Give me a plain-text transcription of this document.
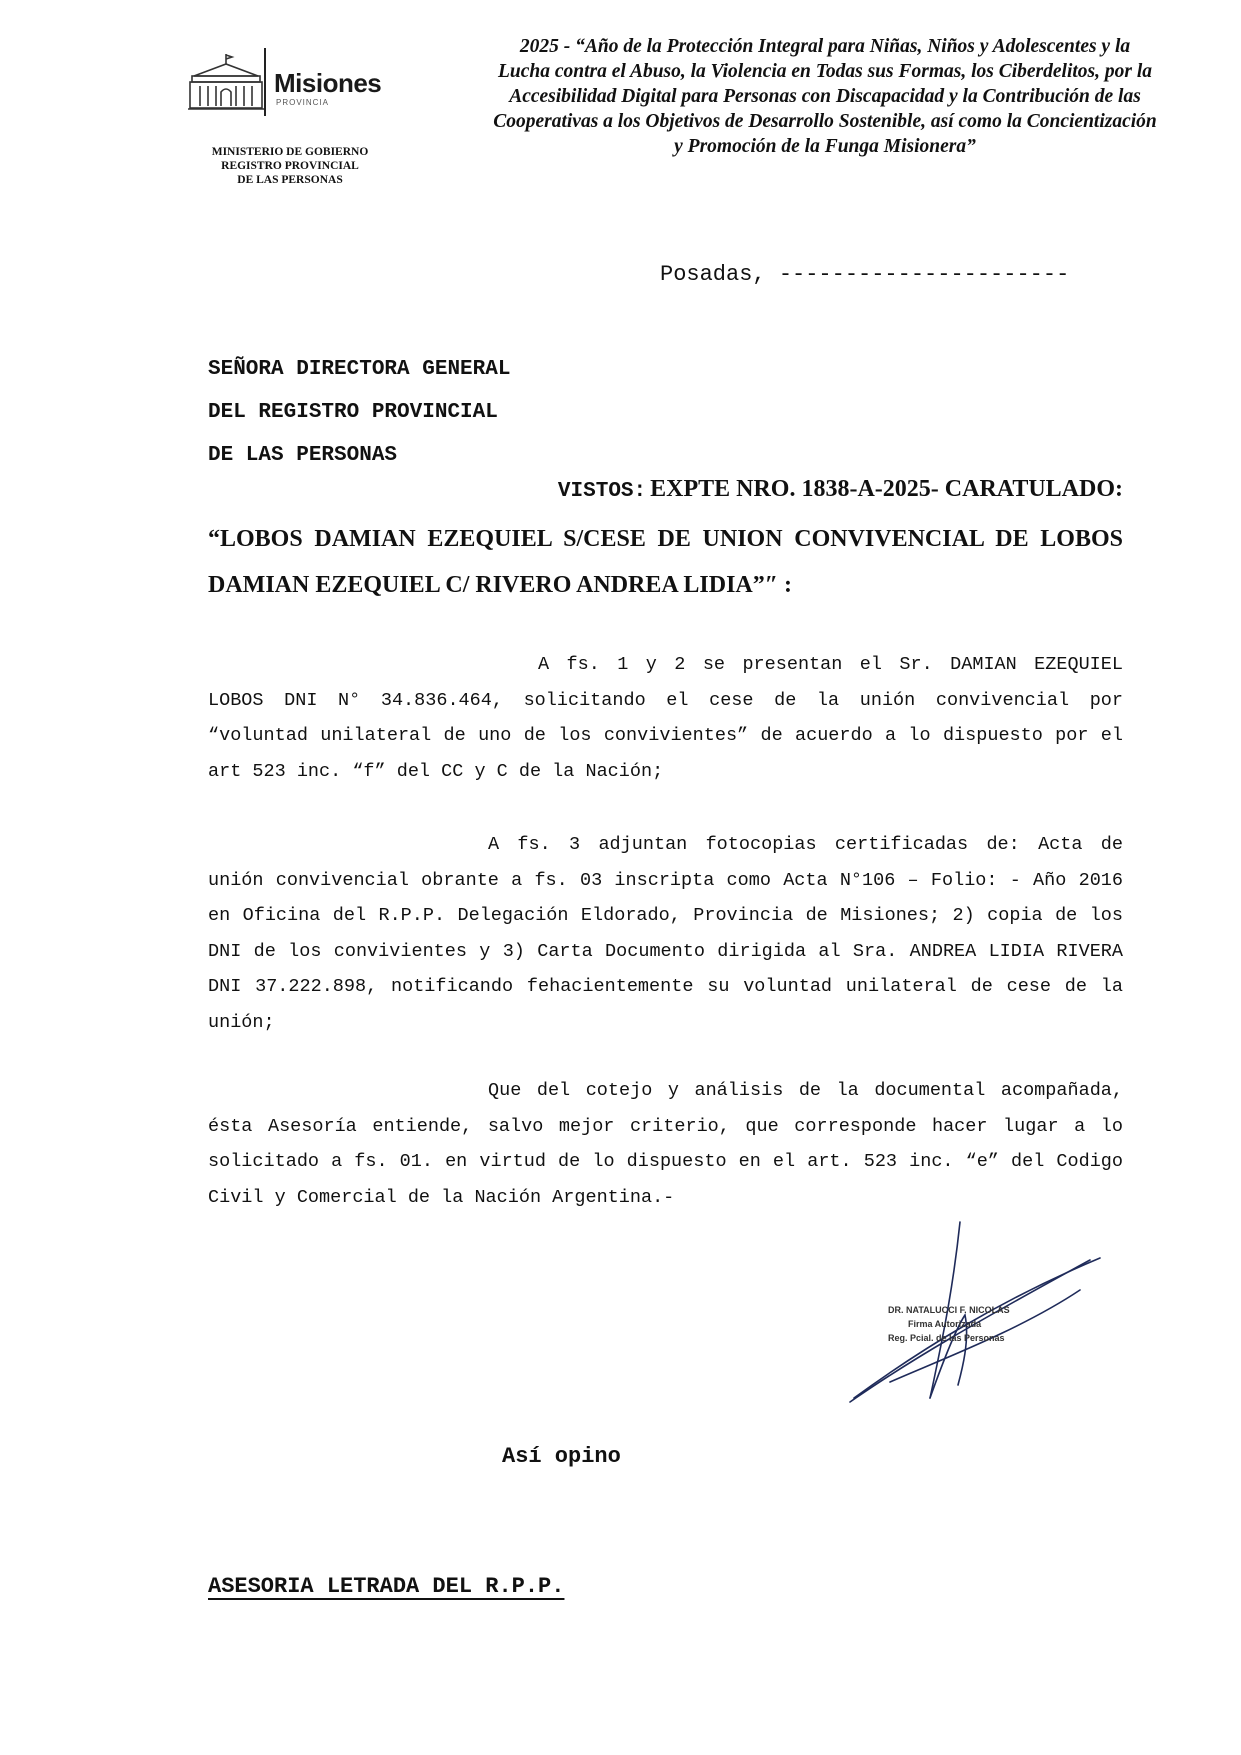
Misiones
PROVINCIA
MINISTERIO DE GOBIERNO
REGISTRO PROVINCIAL
DE LAS PERSONAS
2025 - “Año de la Protección Integral para Niñas, Niños y Adolescentes y la
Lucha contra el Abuso, la Violencia en Todas sus Formas, los Ciberdelitos, por la
Accesibilidad Digital para Personas con Discapacidad y la Contribución de las
Cooperativas a los Objetivos de Desarrollo Sostenible, así como la Concientización
y Promoción de la Funga Misionera”
Posadas, ----------------------
SEÑORA DIRECTORA GENERAL
DEL REGISTRO PROVINCIAL
DE LAS PERSONAS
VISTOS: EXPTE NRO. 1838-A-2025- CARATULADO:
“LOBOS DAMIAN EZEQUIEL S/CESE DE UNION CONVIVENCIAL DE LOBOS DAMIAN EZEQUIEL C/ RIVERO ANDREA LIDIA”″ :
A fs. 1 y 2 se presentan el Sr. DAMIAN EZEQUIEL LOBOS DNI N° 34.836.464, solicitando el cese de la unión convivencial por “voluntad unilateral de uno de los convivientes” de acuerdo a lo dispuesto por el art 523 inc. “f” del CC y C de la Nación;
A fs. 3 adjuntan fotocopias certificadas de: Acta de unión convivencial obrante a fs. 03 inscripta como Acta N°106 – Folio: - Año 2016 en Oficina del R.P.P. Delegación Eldorado, Provincia de Misiones; 2) copia de los DNI de los convivientes y 3) Carta Documento dirigida al Sra. ANDREA LIDIA RIVERA DNI 37.222.898, notificando fehacientemente su voluntad unilateral de cese de la unión;
Que del cotejo y análisis de la documental acompañada, ésta Asesoría entiende, salvo mejor criterio, que corresponde hacer lugar a lo solicitado a fs. 01. en virtud de lo dispuesto en el art. 523 inc. “e” del Codigo Civil y Comercial de la Nación Argentina.-
DR. NATALUCCI F. NICOLAS
Firma Autorizada
Reg. Pcial. de las Personas
Así opino
ASESORIA LETRADA DEL R.P.P.
